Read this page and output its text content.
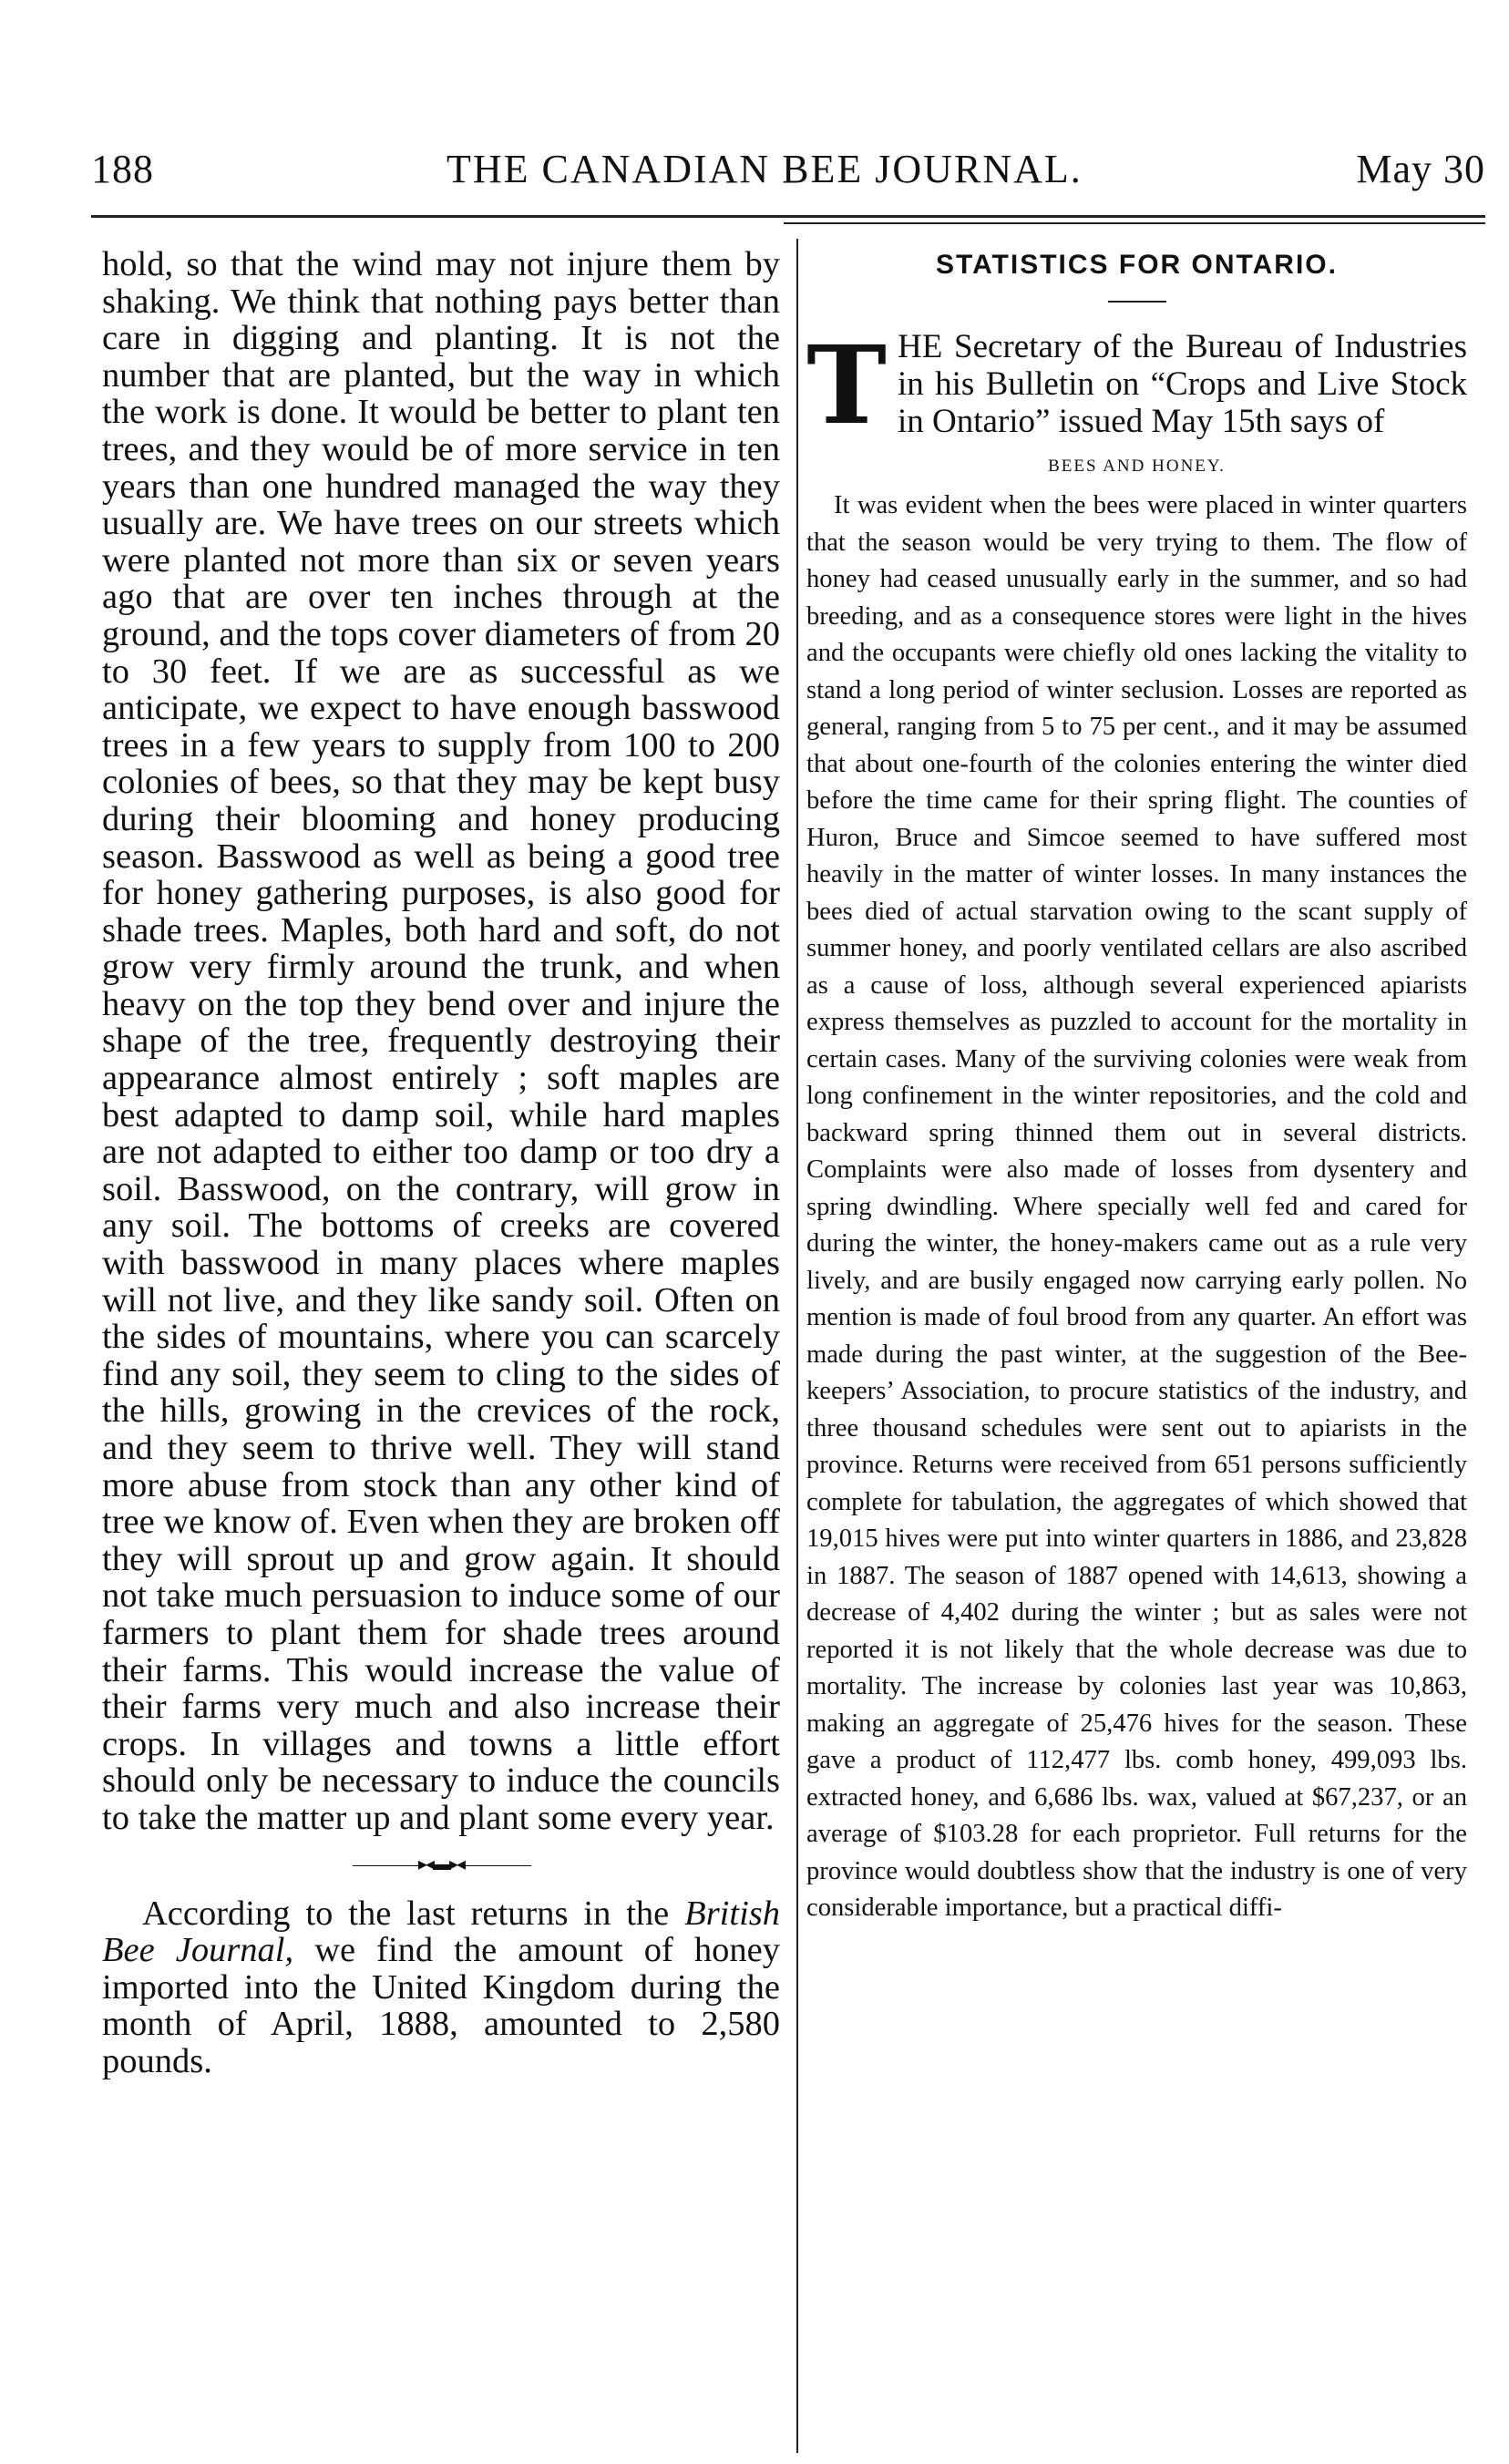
188	THE CANADIAN BEE JOURNAL.	May 30

hold, so that the wind may not injure them by shaking. We think that nothing pays better than care in digging and planting. It is not the number that are planted, but the way in which the work is done. It would be better to plant ten trees, and they would be of more service in ten years than one hundred managed the way they usually are. We have trees on our streets which were planted not more than six or seven years ago that are over ten inches through at the ground, and the tops cover diameters of from 20 to 30 feet. If we are as successful as we anticipate, we expect to have enough basswood trees in a few years to supply from 100 to 200 colonies of bees, so that they may be kept busy during their blooming and honey producing season. Basswood as well as being a good tree for honey gathering purposes, is also good for shade trees. Maples, both hard and soft, do not grow very firmly around the trunk, and when heavy on the top they bend over and injure the shape of the tree, frequently destroying their appearance almost entirely ; soft maples are best adapted to damp soil, while hard maples are not adapted to either too damp or too dry a soil. Basswood, on the contrary, will grow in any soil. The bottoms of creeks are covered with basswood in many places where maples will not live, and they like sandy soil. Often on the sides of mountains, where you can scarcely find any soil, they seem to cling to the sides of the hills, growing in the crevices of the rock, and they seem to thrive well. They will stand more abuse from stock than any other kind of tree we know of. Even when they are broken off they will sprout up and grow again. It should not take much persuasion to induce some of our farmers to plant them for shade trees around their farms. This would increase the value of their farms very much and also increase their crops. In villages and towns a little effort should only be necessary to induce the councils to take the matter up and plant some every year.

————▸◂▬▸◂————

According to the last returns in the British Bee Journal, we find the amount of honey imported into the United Kingdom during the month of April, 1888, amounted to 2,580 pounds.

STATISTICS FOR ONTARIO.
T HE Secretary of the Bureau of Industries in his Bulletin on “Crops and Live Stock in Ontario” issued May 15th says of
BEES AND HONEY.

It was evident when the bees were placed in winter quarters that the season would be very trying to them. The flow of honey had ceased unusually early in the summer, and so had breeding, and as a consequence stores were light in the hives and the occupants were chiefly old ones lacking the vitality to stand a long period of winter seclusion. Losses are reported as general, ranging from 5 to 75 per cent., and it may be assumed that about one-fourth of the colonies entering the winter died before the time came for their spring flight. The counties of Huron, Bruce and Simcoe seemed to have suffered most heavily in the matter of winter losses. In many instances the bees died of actual starvation owing to the scant supply of summer honey, and poorly ventilated cellars are also ascribed as a cause of loss, although several experienced apiarists express themselves as puzzled to account for the mortality in certain cases. Many of the surviving colonies were weak from long confinement in the winter repositories, and the cold and backward spring thinned them out in several districts. Complaints were also made of losses from dysentery and spring dwindling. Where specially well fed and cared for during the winter, the honey-makers came out as a rule very lively, and are busily engaged now carrying early pollen. No mention is made of foul brood from any quarter. An effort was made during the past winter, at the suggestion of the Bee-keepers’ Association, to procure statistics of the industry, and three thousand schedules were sent out to apiarists in the province. Returns were received from 651 persons sufficiently complete for tabulation, the aggregates of which showed that 19,015 hives were put into winter quarters in 1886, and 23,828 in 1887. The season of 1887 opened with 14,613, showing a decrease of 4,402 during the winter ; but as sales were not reported it is not likely that the whole decrease was due to mortality. The increase by colonies last year was 10,863, making an aggregate of 25,476 hives for the season. These gave a product of 112,477 lbs. comb honey, 499,093 lbs. extracted honey, and 6,686 lbs. wax, valued at $67,237, or an average of $103.28 for each proprietor. Full returns for the province would doubtless show that the industry is one of very considerable importance, but a practical diffi-
